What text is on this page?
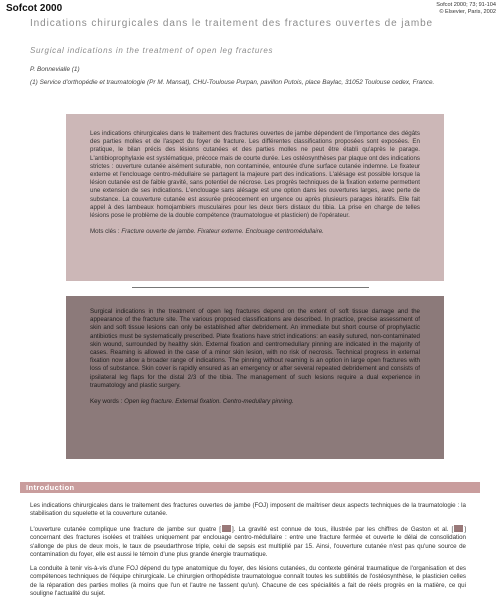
Sofcot 2000	Sofcot 2000; 73; 91-104
© Elsevier, Paris, 2002
Indications chirurgicales dans le traitement des fractures ouvertes de jambe
Surgical indications in the treatment of open leg fractures
P. Bonnevialle (1)
(1) Service d'orthopédie et traumatologie (Pr M. Mansat), CHU-Toulouse Purpan, pavillon Putois, place Baylac, 31052 Toulouse cedex, France.

Les indications chirurgicales dans le traitement des fractures ouvertes de jambe dépendent de l'importance des dégâts des parties molles et de l'aspect du foyer de fracture. Les différentes classifications proposées sont exposées. En pratique, le bilan précis des lésions cutanées et des parties molles ne peut être établi qu'après le parage. L'antibioprophylaxie est systématique, précoce mais de courte durée. Les ostéosynthèses par plaque ont des indications strictes : ouverture cutanée aisément suturable, non contaminée, entourée d'une surface cutanée indemne. Le fixateur externe et l'enclouage centro-médullaire se partagent la majeure part des indications. L'alésage est possible lorsque la lésion cutanée est de faible gravité, sans potentiel de nécrose. Les progrès techniques de la fixation externe permettent une extension de ses indications. L'enclouage sans alésage est une option dans les ouvertures larges, avec perte de substance. La couverture cutanée est assurée précocement en urgence ou après plusieurs parages itératifs. Elle fait appel à des lambeaux homojambiers musculaires pour les deux tiers distaux du tibia. La prise en charge de telles lésions pose le problème de la double compétence (traumatologue et plasticien) de l'opérateur.

Mots clés : Fracture ouverte de jambe. Fixateur externe. Enclouage centromédullaire.

Surgical indications in the treatment of open leg fractures depend on the extent of soft tissue damage and the appearance of the fracture site. The various proposed classifications are described. In practice, precise assessment of skin and soft tissue lesions can only be established after debridement. An immediate but short course of prophylactic antibiotics must be systematically prescribed. Plate fixations have strict indications: an easily sutured, non-contaminated skin wound, surrounded by healthy skin. External fixation and centromedullary pinning are indicated in the majority of cases. Reaming is allowed in the case of a minor skin lesion, with no risk of necrosis. Technical progress in external fixation now allow a broader range of indications. The pinning without reaming is an option in large open fractures with loss of substance. Skin cover is rapidly ensured as an emergency or after several repeated debridement and consists of ipsilateral leg flaps for the distal 2/3 of the tibia. The management of such lesions require a dual experience in traumatology and plastic surgery.

Key words : Open leg fracture. External fixation. Centro-medullary pinning.

Introduction

Les indications chirurgicales dans le traitement des fractures ouvertes de jambe (FOJ) imposent de maîtriser deux aspects techniques de la traumatologie : la stabilisation du squelette et la couverture cutanée.

L'ouverture cutanée complique une fracture de jambe sur quatre [ ]. La gravité est connue de tous, illustrée par les chiffres de Gaston et al. [ ] concernant des fractures isolées et traitées uniquement par enclouage centro-médullaire : entre une fracture fermée et ouverte le délai de consolidation s'allonge de plus de deux mois, le taux de pseudarthrose triple, celui de sepsis est multiplié par 15. Ainsi, l'ouverture cutanée n'est pas qu'une source de contamination du foyer, elle est aussi le témoin d'une plus grande énergie traumatique.

La conduite à tenir vis-à-vis d'une FOJ dépend du type anatomique du foyer, des lésions cutanées, du contexte général traumatique de l'organisation et des compétences techniques de l'équipe chirurgicale. Le chirurgien orthopédiste traumatologue connaît toutes les subtilités de l'ostéosynthèse, le plasticien celles de la réparation des parties molles (à moins que l'un et l'autre ne fassent qu'un). Chacune de ces spécialités a fait de réels progrès en la matière, ce qui souligne l'actualité du sujet.
